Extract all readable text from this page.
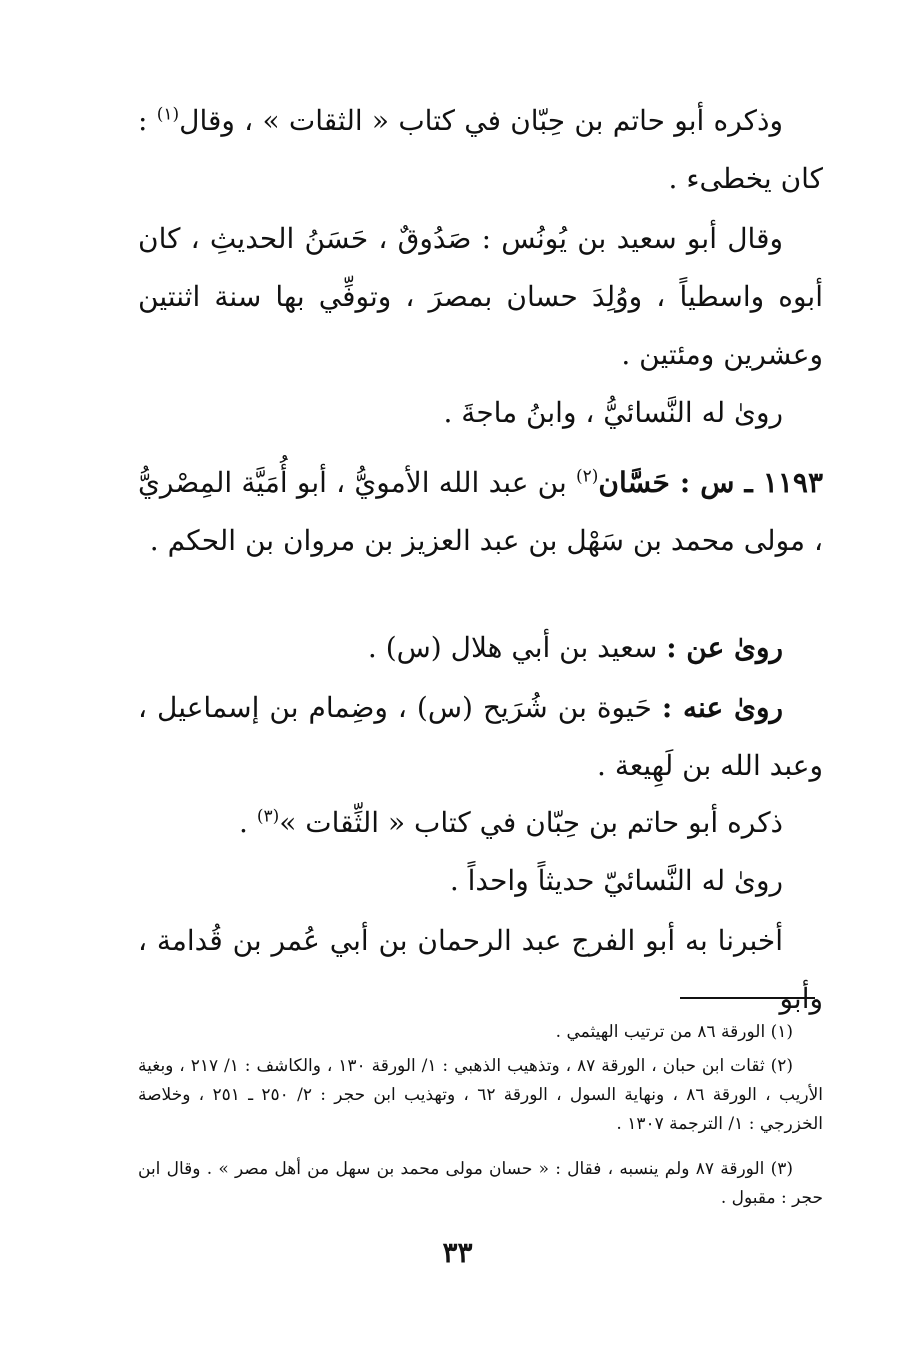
وذكره أبو حاتم بن حِبّان في كتاب « الثقات » ، وقال$^{(١)}$ : كان يخطىء .

وقال أبو سعيد بن يُونُس : صَدُوقٌ ، حَسَنُ الحديثِ ، كان أبوه واسطياً ، ووُلِدَ حسان بمصرَ ، وتوفِّي بها سنة اثنتين وعشرين ومئتين .

روىٰ له النَّسائيُّ ، وابنُ ماجةَ .

١١٩٣ ـ س : حَسَّان$^{(٢)}$ بن عبد الله الأمويُّ ، أبو أُمَيَّة المِصْريُّ ، مولى محمد بن سَهْل بن عبد العزيز بن مروان بن الحكم .

روىٰ عن : سعيد بن أبي هلال (س) .

روىٰ عنه : حَيوة بن شُرَيح (س) ، وضِمام بن إسماعيل ، وعبد الله بن لَهِيعة .

ذكره أبو حاتم بن حِبّان في كتاب « الثِّقات »$^{(٣)}$ .

روىٰ له النَّسائيّ حديثاً واحداً .

أخبرنا به أبو الفرج عبد الرحمان بن أبي عُمر بن قُدامة ، وأبو

(١) الورقة ٨٦ من ترتيب الهيثمي .

(٢) ثقات ابن حبان ، الورقة ٨٧ ، وتذهيب الذهبي : ١/ الورقة ١٣٠ ، والكاشف : ١/ ٢١٧ ، وبغية الأريب ، الورقة ٨٦ ، ونهاية السول ، الورقة ٦٢ ، وتهذيب ابن حجر : ٢/ ٢٥٠ ـ ٢٥١ ، وخلاصة الخزرجي : ١/ الترجمة ١٣٠٧ .

(٣) الورقة ٨٧ ولم ينسبه ، فقال : « حسان مولى محمد بن سهل من أهل مصر » . وقال ابن حجر : مقبول .

٣٣
